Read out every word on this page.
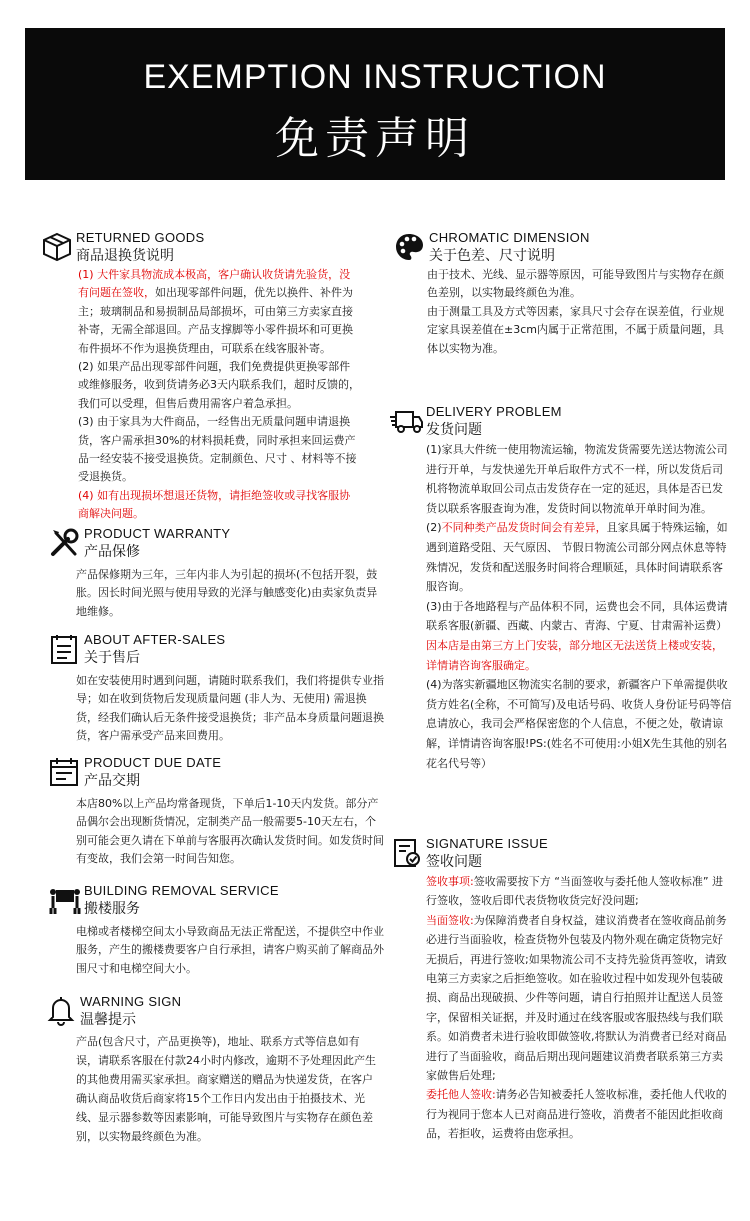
EXEMPTION INSTRUCTION
免责声明
RETURNED GOODS
商品退换货说明

(1) 大件家具物流成本极高，客户确认收货请先验货，没有问题在签收，如出现零部件问题，优先以换件、补件为主；玻璃制品和易损制品局部损坏，可由第三方卖家直接补寄，无需全部退回。产品支撑脚等小零件损坏和可更换布件损坏不作为退换货理由，可联系在线客服补寄。

(2) 如果产品出现零部件问题，我们免费提供更换零部件或维修服务，收到货请务必3天内联系我们，超时反馈的，我们可以受理，但售后费用需客户着急承担。

(3) 由于家具为大件商品，一经售出无质量问题申请退换货，客户需承担30%的材料损耗费，同时承担来回运费产品一经安装不接受退换货。定制颜色、尺寸 、材料等不接受退换货。

(4) 如有出现损坏想退还货物，请拒绝签收或寻找客服协商解决问题。

PRODUCT WARRANTY
产品保修
产品保修期为三年，三年内非人为引起的损坏(不包括开裂，鼓胀。因长时间光照与使用导致的光泽与触感变化)由卖家负责异地维修。
ABOUT AFTER-SALES
关于售后
如在安装使用时遇到问题，请随时联系我们，我们将提供专业指导；如在收到货物后发现质量问题 (非人为、无使用) 需退换货，经我们确认后无条件接受退换货；非产品本身质量问题退换货，客户需承受产品来回费用。
PRODUCT DUE DATE
产品交期
本店80%以上产品均常备现货，下单后1-10天内发货。部分产品偶尔会出现断货情况，定制类产品一般需要5-10天左右，个别可能会更久请在下单前与客服再次确认发货时间。如发货时间有变故，我们会第一时间告知您。
BUILDING REMOVAL SERVICE
搬楼服务
电梯或者楼梯空间太小导致商品无法正常配送，不提供空中作业服务，产生的搬楼费要客户自行承担，请客户购买前了解商品外围尺寸和电梯空间大小。
WARNING SIGN
温馨提示
产品(包含尺寸，产品更换等)，地址、联系方式等信息如有误，请联系客服在付款24小时内修改，逾期不予处理因此产生的其他费用需买家承担。商家赠送的赠品为快递发货，在客户确认商品收货后商家将15个工作日内发出由于拍摄技术、光线、显示器参数等因素影响，可能导致图片与实物存在颜色差别，以实物最终颜色为准。
CHROMATIC DIMENSION
关于色差、尺寸说明

由于技术、光线、显示器等原因，可能导致图片与实物存在颜色差别，以实物最终颜色为准。

由于测量工具及方式等因素，家具尺寸会存在误差值，行业规定家具误差值在±3cm内属于正常范围，不属于质量问题，具体以实物为准。

DELIVERY PROBLEM
发货问题

(1)家具大件统一使用物流运输，物流发货需要先送达物流公司进行开单，与发快递先开单后取件方式不一样，所以发货后司机将物流单取回公司点击发货存在一定的延迟，具体是否已发货以联系客服查询为准，发货时间以物流单开单时间为准。

(2)不同种类产品发货时间会有差异，且家具属于特殊运输，如遇到道路受阻、天气原因、 节假日物流公司部分网点休息等特殊情况，发货和配送服务时间将合理顺延，具体时间请联系客服咨询。

(3)由于各地路程与产品体积不同，运费也会不同，具体运费请联系客服(新疆、西藏、内蒙古、青海、宁夏、甘肃需补运费）因本店是由第三方上门安装，部分地区无法送货上楼或安装，详情请咨询客服确定。

(4)为落实新疆地区物流实名制的要求，新疆客户下单需提供收货方姓名(全称，不可简写)及电话号码、收货人身份证号码等信息请放心，我司会严格保密您的个人信息，不便之处，敬请谅解，详情请咨询客服!PS:(姓名不可使用:小姐X先生其他的别名花名代号等）

SIGNATURE ISSUE
签收问题

签收事项:签收需要按下方 “当面签收与委托他人签收标准” 进行签收，签收后即代表货物收货完好没问题;

当面签收:为保障消费者自身权益，建议消费者在签收商品前务必进行当面验收，检查货物外包装及内物外观在确定货物完好无损后，再进行签收;如果物流公司不支持先验货再签收，请致电第三方卖家之后拒绝签收。如在验收过程中如发现外包装破损、商品出现破损、少件等问题，请自行拍照并让配送人员签字，保留相关证据，并及时通过在线客服或客服热线与我们联系。如消费者未进行验收即做签收,将默认为消费者已经对商品进行了当面验收，商品后期出现问题建议消费者联系第三方卖家做售后处理;

委托他人签收:请务必告知被委托人签收标准，委托他人代收的行为视同于您本人已对商品进行签收，消费者不能因此拒收商品，若拒收，运费将由您承担。
